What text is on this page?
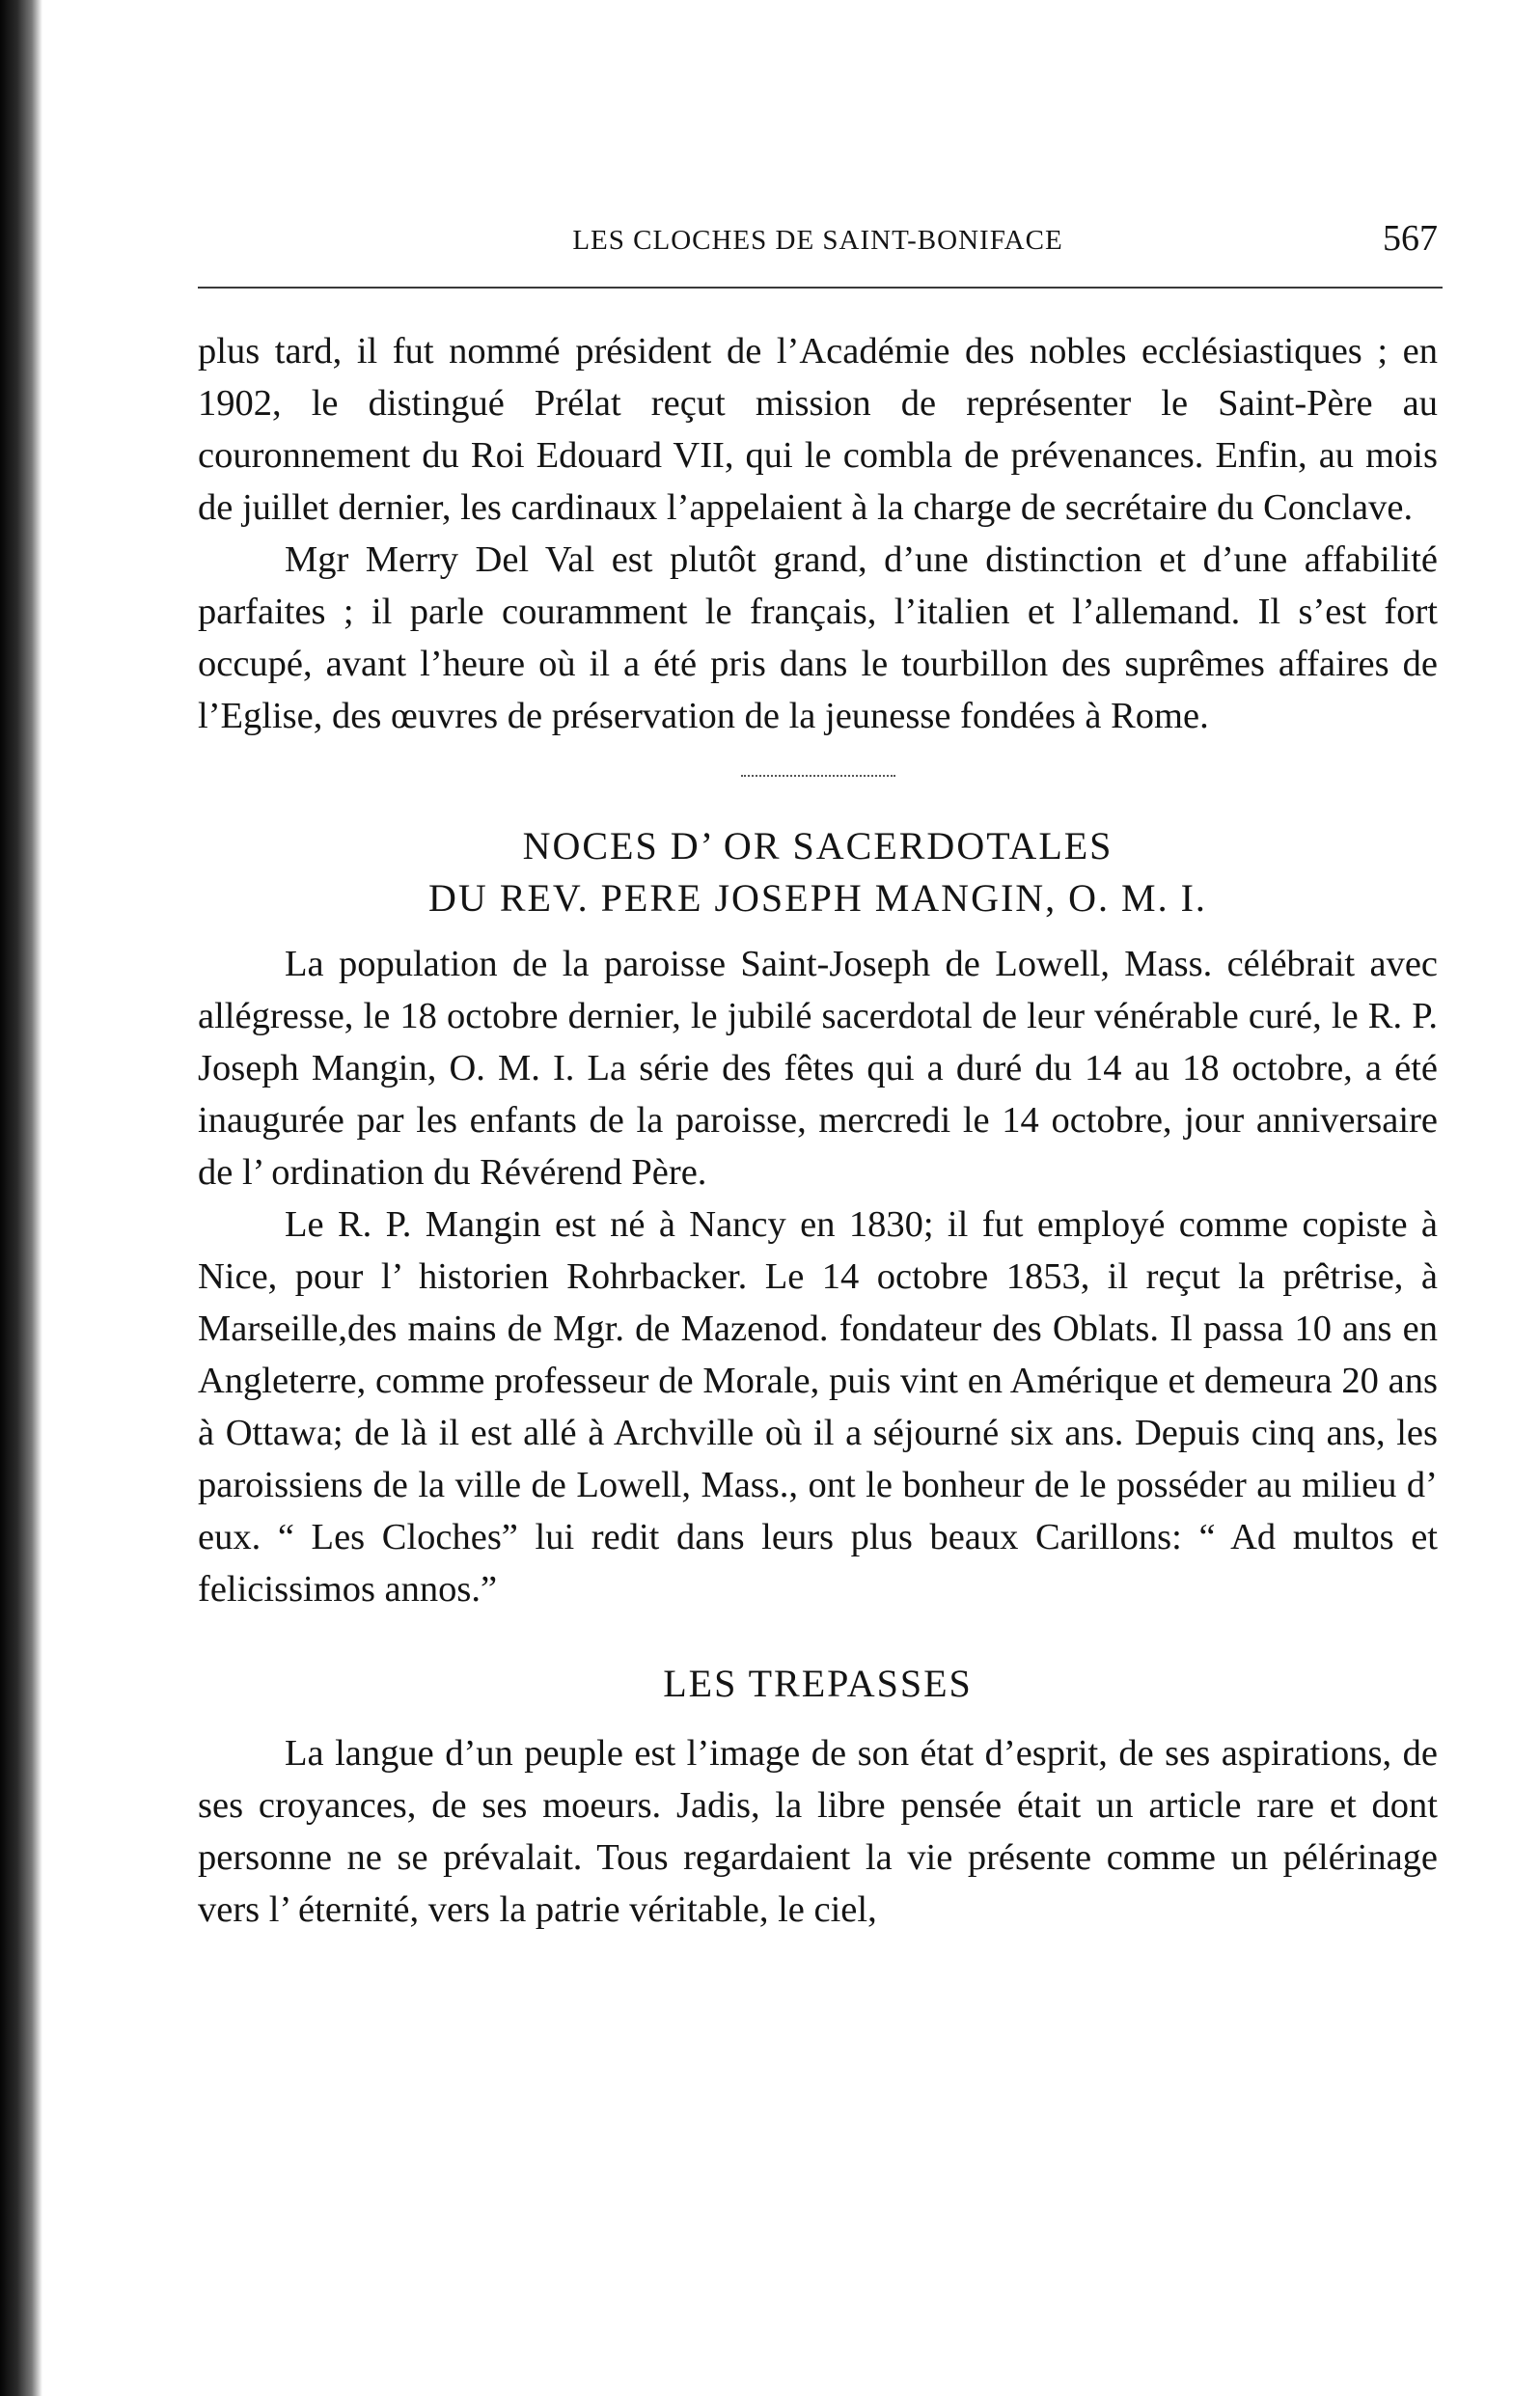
LES CLOCHES DE SAINT-BONIFACE	567

plus tard, il fut nommé président de l’Académie des nobles ecclésiastiques ; en 1902, le distingué Prélat reçut mission de représenter le Saint-Père au couronnement du Roi Edouard VII, qui le combla de prévenances. Enfin, au mois de juillet dernier, les cardinaux l’appelaient à la charge de secrétaire du Conclave.

Mgr Merry Del Val est plutôt grand, d’une distinction et d’une affabilité parfaites ; il parle couramment le français, l’italien et l’allemand. Il s’est fort occupé, avant l’heure où il a été pris dans le tourbillon des suprêmes affaires de l’Eglise, des œuvres de préservation de la jeunesse fondées à Rome.

NOCES D’ OR SACERDOTALES

DU REV. PERE JOSEPH MANGIN, O. M. I.

La population de la paroisse Saint-Joseph de Lowell, Mass. célébrait avec allégresse, le 18 octobre dernier, le jubilé sacerdotal de leur vénérable curé, le R. P. Joseph Mangin, O. M. I. La série des fêtes qui a duré du 14 au 18 octobre, a été inaugurée par les enfants de la paroisse, mercredi le 14 octobre, jour anniversaire de l’ ordination du Révérend Père.

Le R. P. Mangin est né à Nancy en 1830; il fut employé comme copiste à Nice, pour l’ historien Rohrbacker. Le 14 octobre 1853, il reçut la prêtrise, à Marseille,des mains de Mgr. de Mazenod. fondateur des Oblats. Il passa 10 ans en Angleterre, comme professeur de Morale, puis vint en Amérique et demeura 20 ans à Ottawa; de là il est allé à Archville où il a séjourné six ans. Depuis cinq ans, les paroissiens de la ville de Lowell, Mass., ont le bonheur de le posséder au milieu d’ eux. “ Les Cloches” lui redit dans leurs plus beaux Carillons: “ Ad multos et felicissimos annos.”

LES TREPASSES

La langue d’un peuple est l’image de son état d’esprit, de ses aspirations, de ses croyances, de ses moeurs. Jadis, la libre pensée était un article rare et dont personne ne se prévalait. Tous regardaient la vie présente comme un pélérinage vers l’ éternité, vers la patrie véritable, le ciel,
